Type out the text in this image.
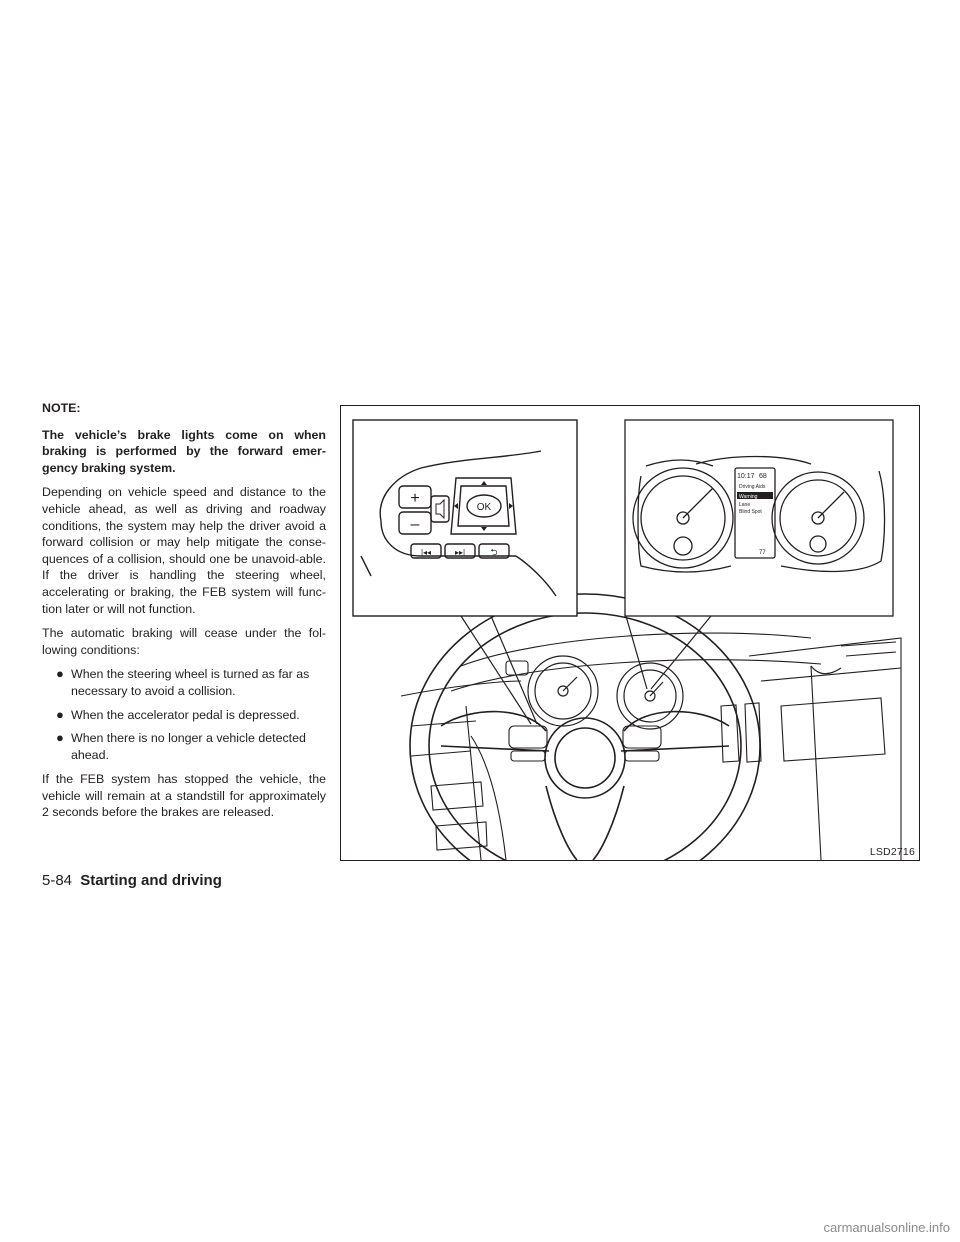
NOTE:

The vehicle’s brake lights come on when braking is performed by the forward emer-gency braking system.

Depending on vehicle speed and distance to the vehicle ahead, as well as driving and roadway conditions, the system may help the driver avoid a forward collision or may help mitigate the conse-quences of a collision, should one be unavoid-able. If the driver is handling the steering wheel, accelerating or braking, the FEB system will func-tion later or will not function.

The automatic braking will cease under the fol-lowing conditions:

● When the steering wheel is turned as far as necessary to avoid a collision.
● When the accelerator pedal is depressed.
● When there is no longer a vehicle detected ahead.

If the FEB system has stopped the vehicle, the vehicle will remain at a standstill for approximately 2 seconds before the brakes are released.

+
–
OK
|◂◂	▸▸|	⮌
10:17 68
Driving Aids
Warning
Lane
Blind Spot
77
LSD2716
5-84 Starting and driving
carmanualsonline.info
